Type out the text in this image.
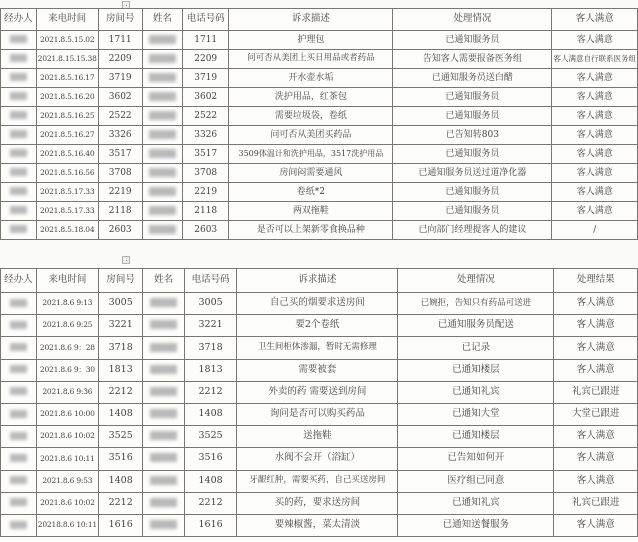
经办人	来电时间	房间号	姓名	电话号码	诉求描述	处理情况	客人满意
	2021.8.5.15.02	1711		1711	护理包	已通知服务员	客人满意
	2021.8.15.15.38	2209		2209	问可否从美团上买日用品或者药品	告知客人需要报备医务组	客人满意自行联系医务组
	2021.8.5.16.17	3719		3719	开水壶水垢	已通知服务员送白醋	客人满意
	2021.8.5.16.20	3602		3602	洗护用品，红茶包	已通知服务员	客人满意
	2021.8.5.16.25	2522		2522	需要垃圾袋，卷纸	已通知服务员	客人满意
	2021.8.5.16.27	3326		3326	问可否从美团买药品	已告知转803	客人满意
	2021.8.5.16.40	3517		3517	3509体温计和洗护用品，3517洗护用品	已通知服务员	客人满意
	2021.8.5.16.56	3708		3708	房间闷需要通风	已通知服务员送过道净化器	客人满意
	2021.8.5.17.33	2219		2219	卷纸*2	已通知服务员	客人满意
	2021.8.5.17.33	2118		2118	两双拖鞋	已通知服务员	客人满意
	2021.8.5.18.04	2603		2603	是否可以上架新零食换品种	已向部门经理提客人的建议	/
经办人	来电时间	房间号	姓名	电话号码	诉求描述	处理情况	处理结果
	2021.8.6 9:13	3005		3005	自己买的烟要求送房间	已婉拒，告知只有药品可送进	客人满意
	2021.8.6 9:25	3221		3221	要2个卷纸	已通知服务员配送	客人满意
	2021.8.6 9：28	3718		3718	卫生间柜体渗漏，暂时无需修理	已记录	客人满意
	2021.8.6 9：30	1813		1813	需要被套	已通知楼层	客人满意
	2021.8.6 9:36	2212		2212	外卖的药 需要送到房间	已通知礼宾	礼宾已跟进
	2021.8.6 10:00	1408		1408	询问是否可以购买药品	已通知大堂	大堂已跟进
	2021.8.6 10:02	3525		3525	送拖鞋	已通知楼层	客人满意
	2021.8.6 10:11	3516		3516	水阀不会开（浴缸）	已告知如何开	客人满意
	2021.8.6 9:53	1408		1408	牙龈红肿，需要买药，自己买送房间	医疗组已同意	客人满意
	2021.8.6 10:02	2212		2212	买的药，要求送房间	已通知礼宾	礼宾已跟进
	20218.8.6 10:11	1616		1616	要辣椒酱，菜太清淡	已通知送餐服务	客人满意
